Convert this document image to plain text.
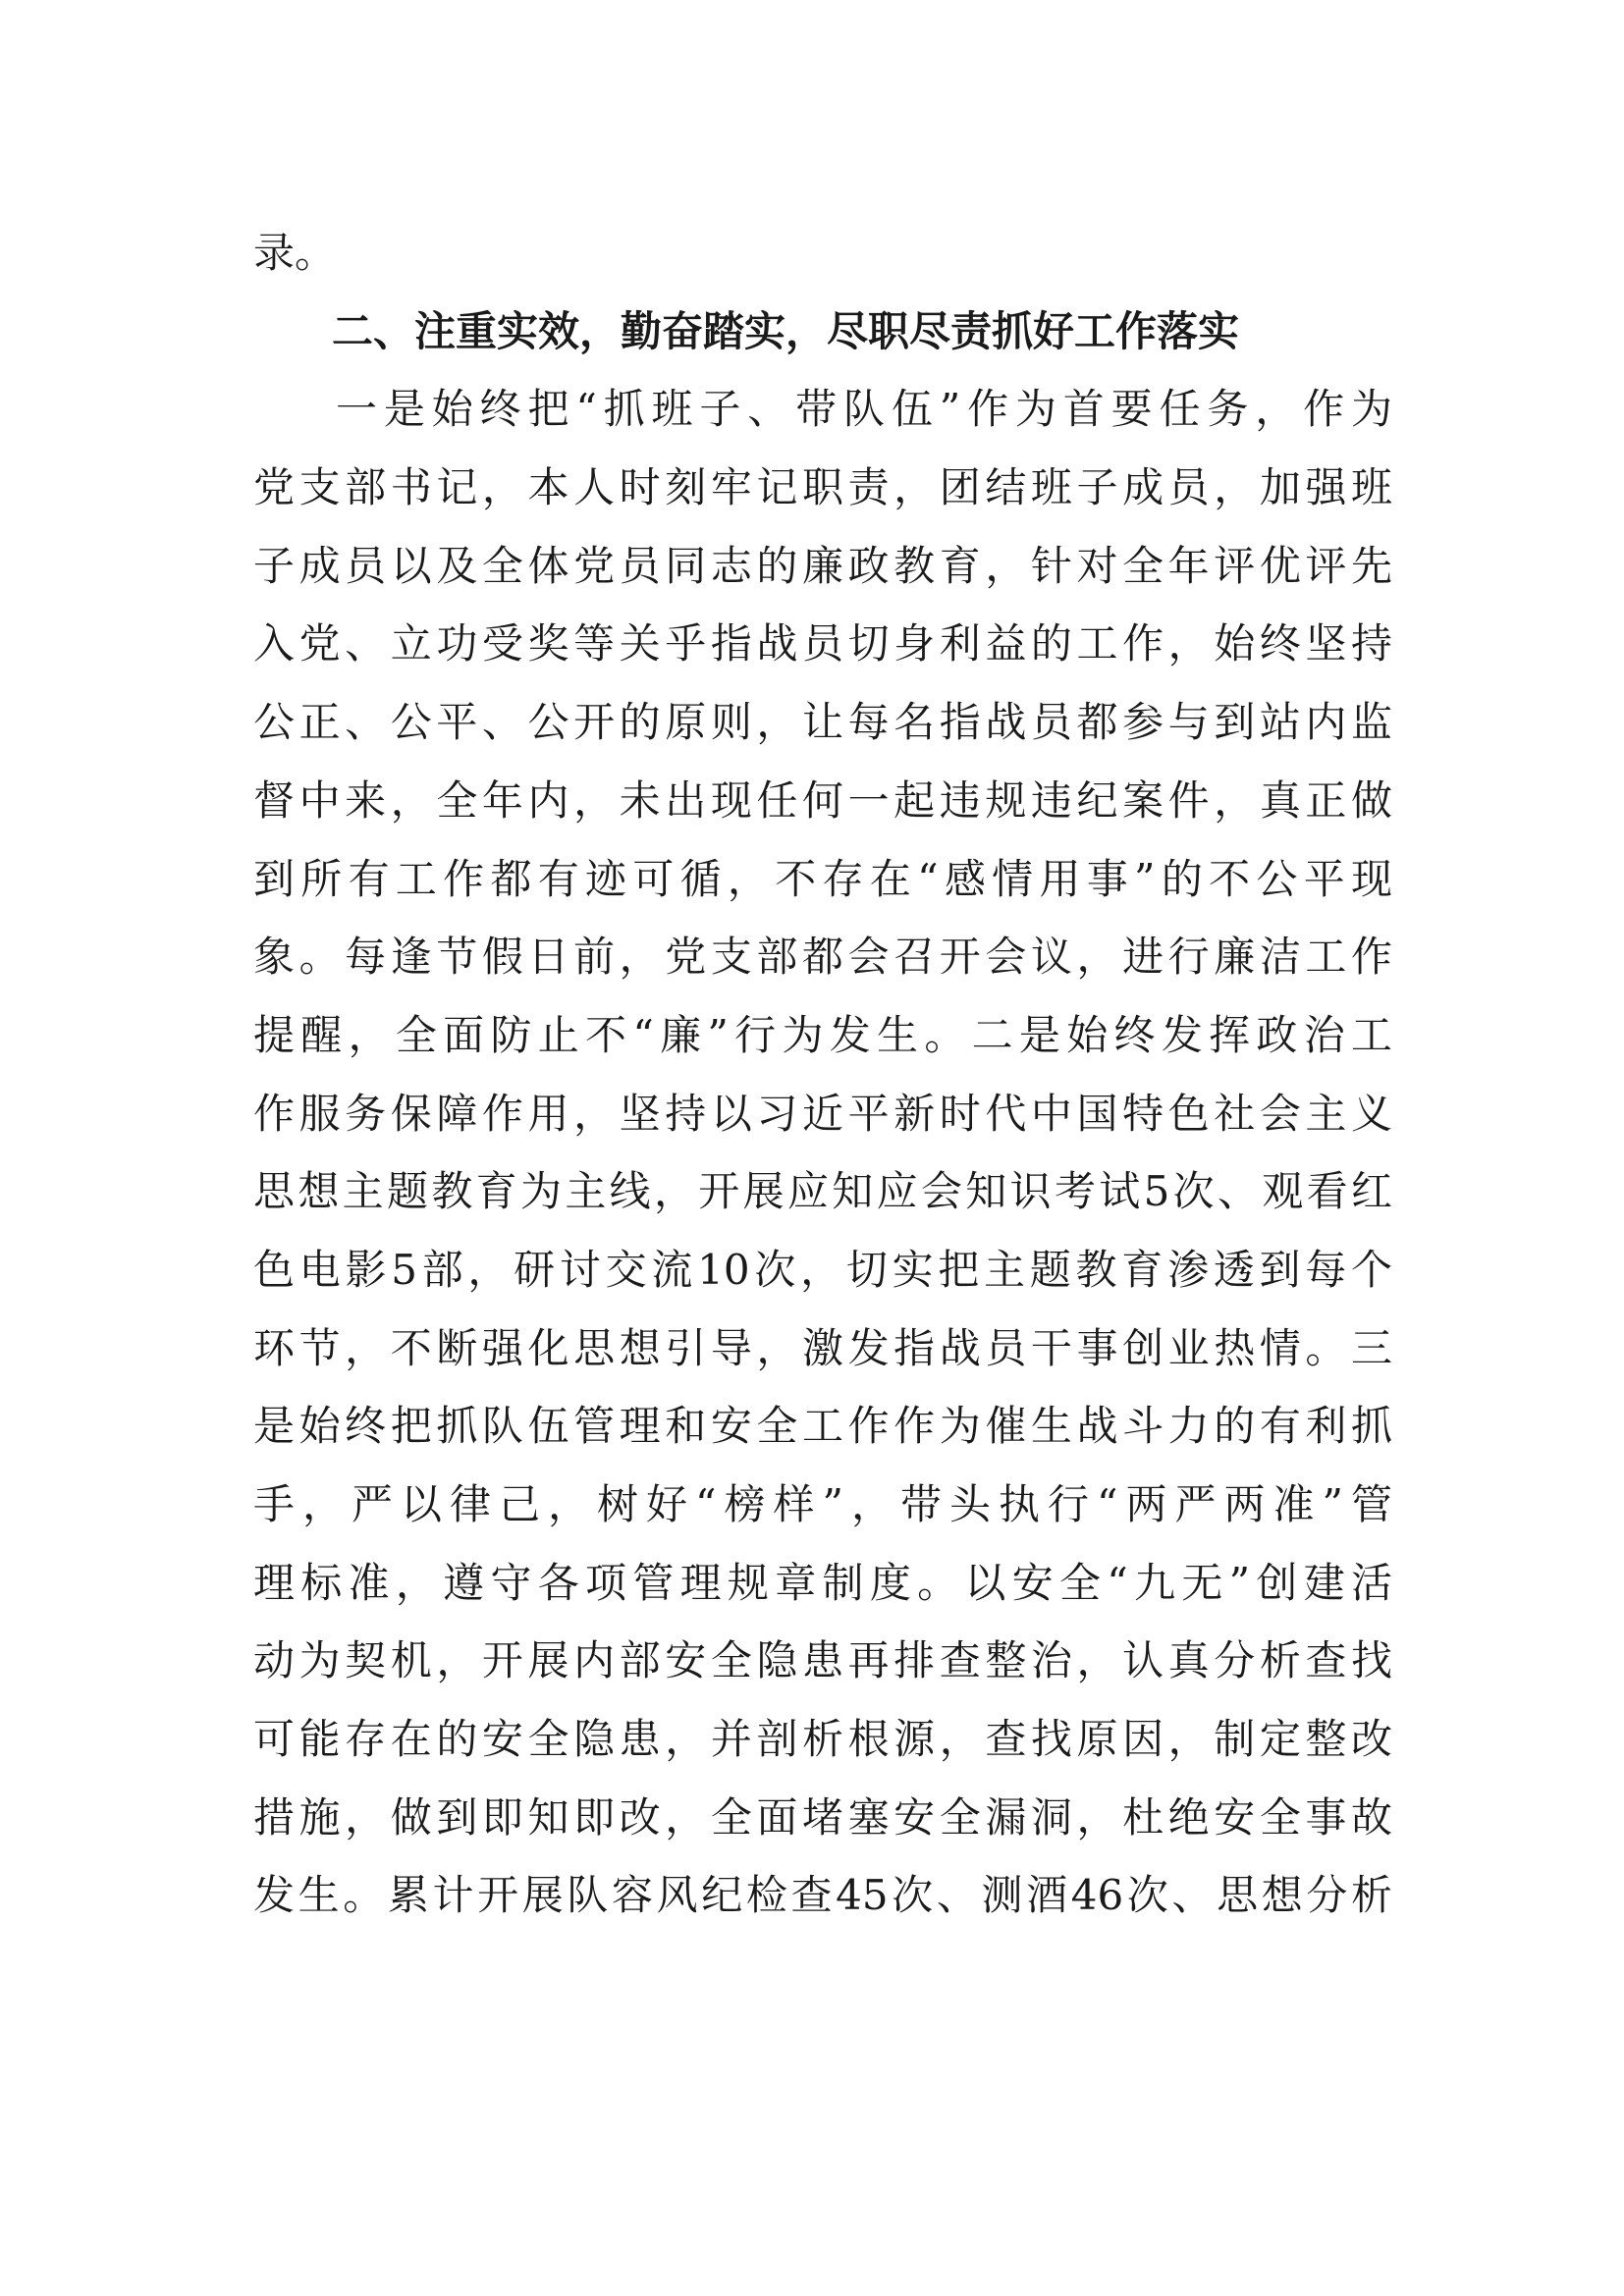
录。
二、注重实效，勤奋踏实，尽职尽责抓好工作落实
一是始终把“抓班子、带队伍”作为首要任务，作为
党支部书记，本人时刻牢记职责，团结班子成员，加强班
子成员以及全体党员同志的廉政教育，针对全年评优评先
入党、立功受奖等关乎指战员切身利益的工作，始终坚持
公正、公平、公开的原则，让每名指战员都参与到站内监
督中来，全年内，未出现任何一起违规违纪案件，真正做
到所有工作都有迹可循，不存在“感情用事”的不公平现
象。每逢节假日前，党支部都会召开会议，进行廉洁工作
提醒，全面防止不“廉”行为发生。二是始终发挥政治工
作服务保障作用，坚持以习近平新时代中国特色社会主义
思想主题教育为主线，开展应知应会知识考试5次、观看红
色电影5部，研讨交流10次，切实把主题教育渗透到每个
环节，不断强化思想引导，激发指战员干事创业热情。三
是始终把抓队伍管理和安全工作作为催生战斗力的有利抓
手，严以律己，树好“榜样”，带头执行“两严两准”管
理标准，遵守各项管理规章制度。以安全“九无”创建活
动为契机，开展内部安全隐患再排查整治，认真分析查找
可能存在的安全隐患，并剖析根源，查找原因，制定整改
措施，做到即知即改，全面堵塞安全漏洞，杜绝安全事故
发生。累计开展队容风纪检查45次、测酒46次、思想分析
